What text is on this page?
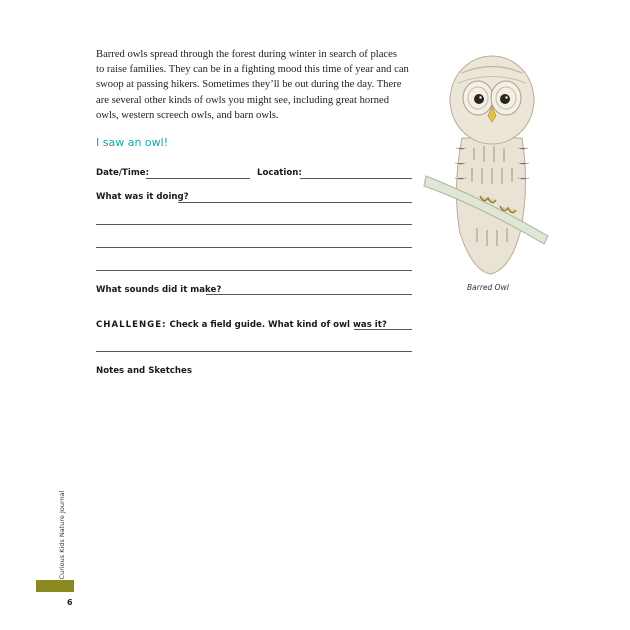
Barred owls spread through the forest during winter in search of places
to raise families. They can be in a fighting mood this time of year and can
swoop at passing hikers. Sometimes they’ll be out during the day. There
are several other kinds of owls you might see, including great horned
owls, western screech owls, and barn owls.
I saw an owl!
Date/Time:	Location:
What was it doing?
What sounds did it make?
CHALLENGE: Check a field guide. What kind of owl was it?
Notes and Sketches
Barred Owl
Curious Kids Nature Journal
6
